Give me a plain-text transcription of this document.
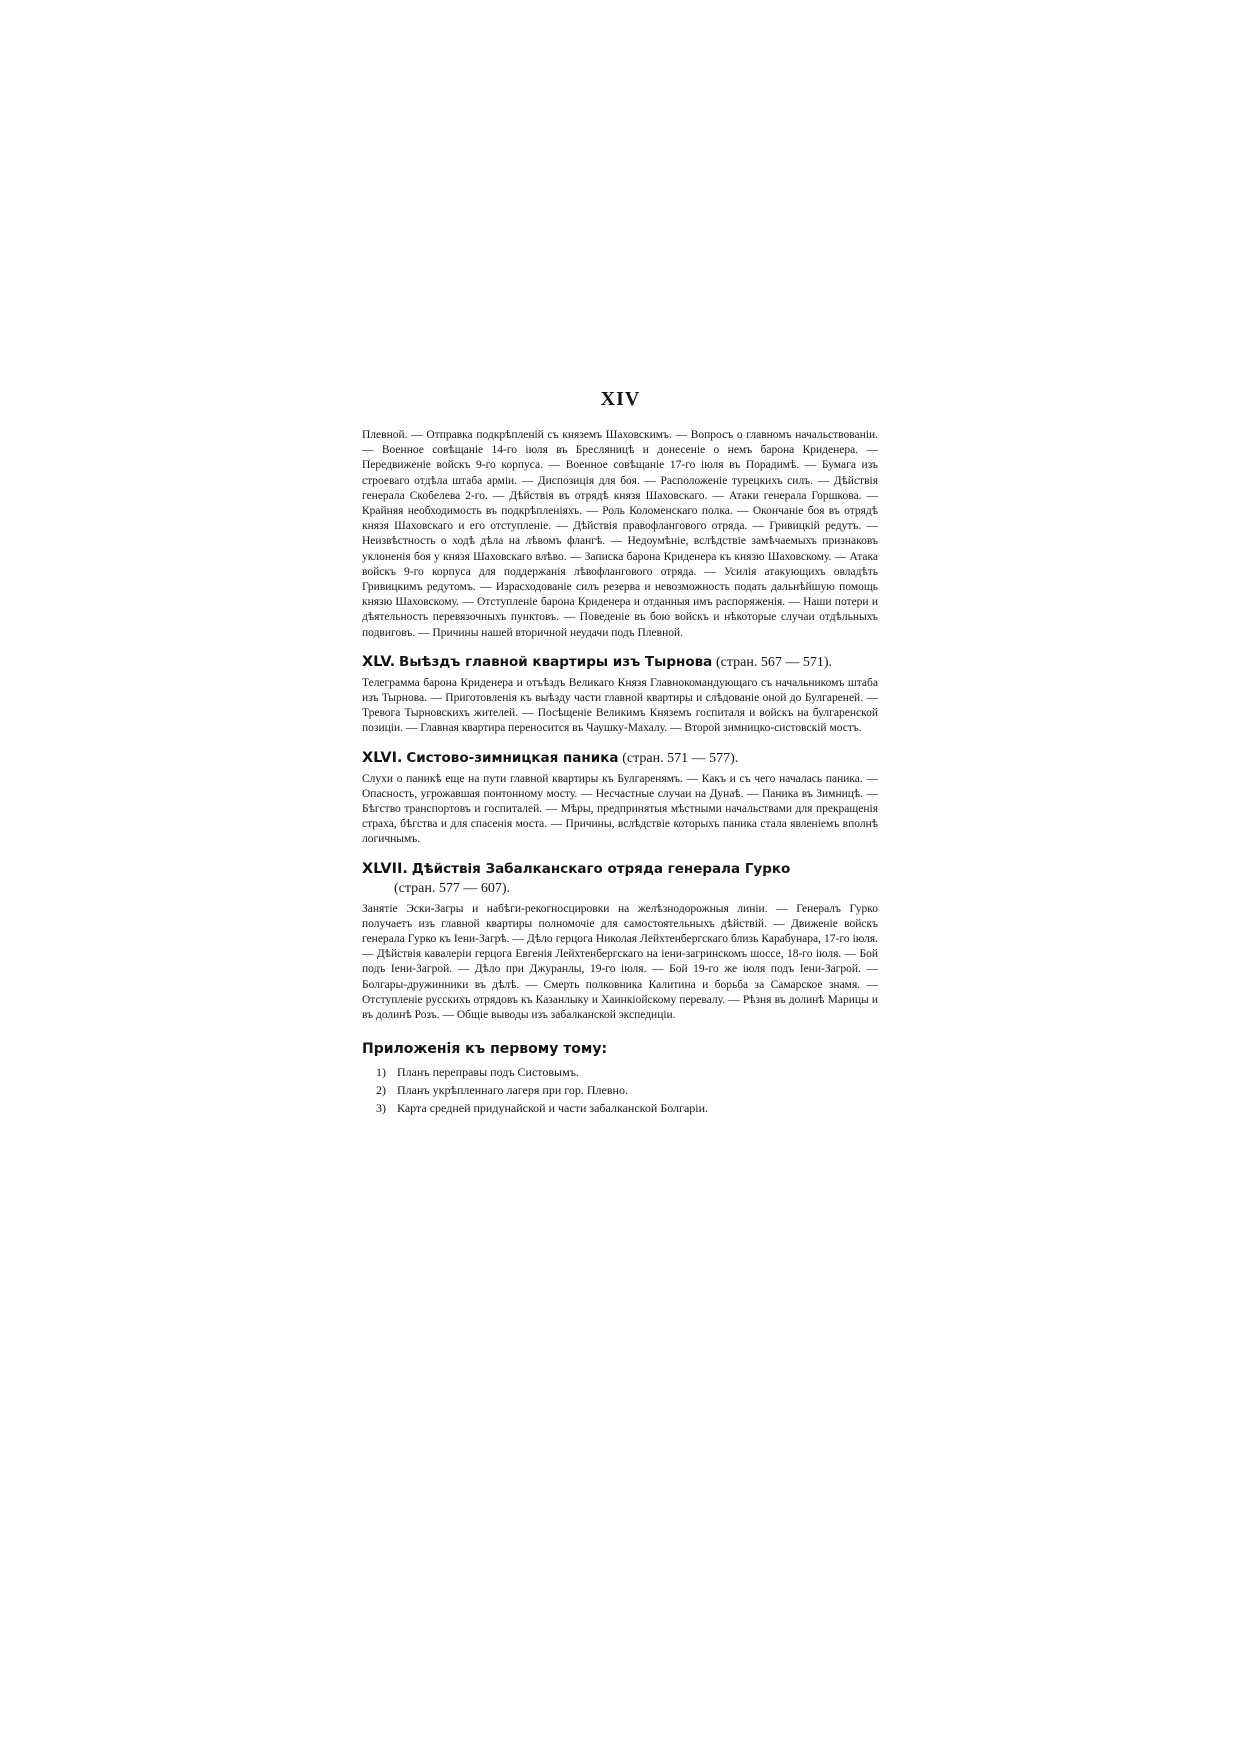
XIV

Плевной. — Отправка подкрѣпленій съ княземъ Шаховскимъ. — Вопросъ о главномъ начальствованіи. — Военное совѣщаніе 14-го іюля въ Бресляницѣ и донесеніе о немъ барона Криденера. — Передвиженіе войскъ 9-го корпуса. — Военное совѣщаніе 17-го іюля въ Порадимѣ. — Бумага изъ строеваго отдѣла штаба арміи. — Диспозиція для боя. — Расположеніе турецкихъ силъ. — Дѣйствія генерала Скобелева 2-го. — Дѣйствія въ отрядѣ князя Шаховскаго. — Атаки генерала Горшкова. — Крайняя необходимость въ подкрѣпленіяхъ. — Роль Коломенскаго полка. — Окончаніе боя въ отрядѣ князя Шаховскаго и его отступленіе. — Дѣйствія правофлангового отряда. — Гривицкій редутъ. — Неизвѣстность о ходѣ дѣла на лѣвомъ флангѣ. — Недоумѣніе, вслѣдствіе замѣчаемыхъ признаковъ уклоненія боя у князя Шаховскаго влѣво. — Записка барона Криденера къ князю Шаховскому. — Атака войскъ 9-го корпуса для поддержанія лѣвофлангового отряда. — Усилія атакующихъ овладѣть Гривицкимъ редутомъ. — Израсходованіе силъ резерва и невозможность подать дальнѣйшую помощь князю Шаховскому. — Отступленіе барона Криденера и отданныя имъ распоряженія. — Наши потери и дѣятельность перевязочныхъ пунктовъ. — Поведеніе въ бою войскъ и нѣкоторые случаи отдѣльныхъ подвиговъ. — Причины нашей вторичной неудачи подъ Плевной.

XLV. Выѣздъ главной квартиры изъ Тырнова (стран. 567 — 571).

Телеграмма барона Криденера и отъѣздъ Великаго Князя Главнокомандующаго съ начальникомъ штаба изъ Тырнова. — Приготовленія къ выѣзду части главной квартиры и слѣдованіе оной до Булгареней. — Тревога Тырновскихъ жителей. — Посѣщеніе Великимъ Княземъ госпиталя и войскъ на булгаренской позиціи. — Главная квартира переносится въ Чаушку-Махалу. — Второй зимницко-систовскій мостъ.

XLVI. Систово-зимницкая паника (стран. 571 — 577).

Слухи о паникѣ еще на пути главной квартиры къ Булгаренямъ. — Какъ и съ чего началась паника. — Опасность, угрожавшая понтонному мосту. — Несчастные случаи на Дунаѣ. — Паника въ Зимницѣ. — Бѣгство транспортовъ и госпиталей. — Мѣры, предпринятыя мѣстными начальствами для прекращенія страха, бѣгства и для спасенія моста. — Причины, вслѣдствіе которыхъ паника стала явленіемъ вполнѣ логичнымъ.

XLVII. Дѣйствія Забалканскаго отряда генерала Гурко
(стран. 577 — 607).

Занятіе Эски-Загры и набѣги-рекогносцировки на желѣзнодорожныя линіи. — Генералъ Гурко получаетъ изъ главной квартиры полномочіе для самостоятельныхъ дѣйствій. — Движеніе войскъ генерала Гурко къ Іени-Загрѣ. — Дѣло герцога Николая Лейхтенбергскаго близь Карабунара, 17-го іюля. — Дѣйствія кавалеріи герцога Евгенія Лейхтенбергскаго на іени-загринскомъ шоссе, 18-го іюля. — Бой подъ Іени-Загрой. — Дѣло при Джуранлы, 19-го іюля. — Бой 19-го же іюля подъ Іени-Загрой. — Болгары-дружинники въ дѣлѣ. — Смерть полковника Калитина и борьба за Самарское знамя. — Отступленіе русскихъ отрядовъ къ Казанлыку и Хаинкіойскому перевалу. — Рѣзня въ долинѣ Марицы и въ долинѣ Розъ. — Общіе выводы изъ забалканской экспедиціи.

Приложенія къ первому тому:
1) Планъ переправы подъ Систовымъ.
2) Планъ укрѣпленнаго лагеря при гор. Плевно.
3) Карта средней придунайской и части забалканской Болгаріи.
